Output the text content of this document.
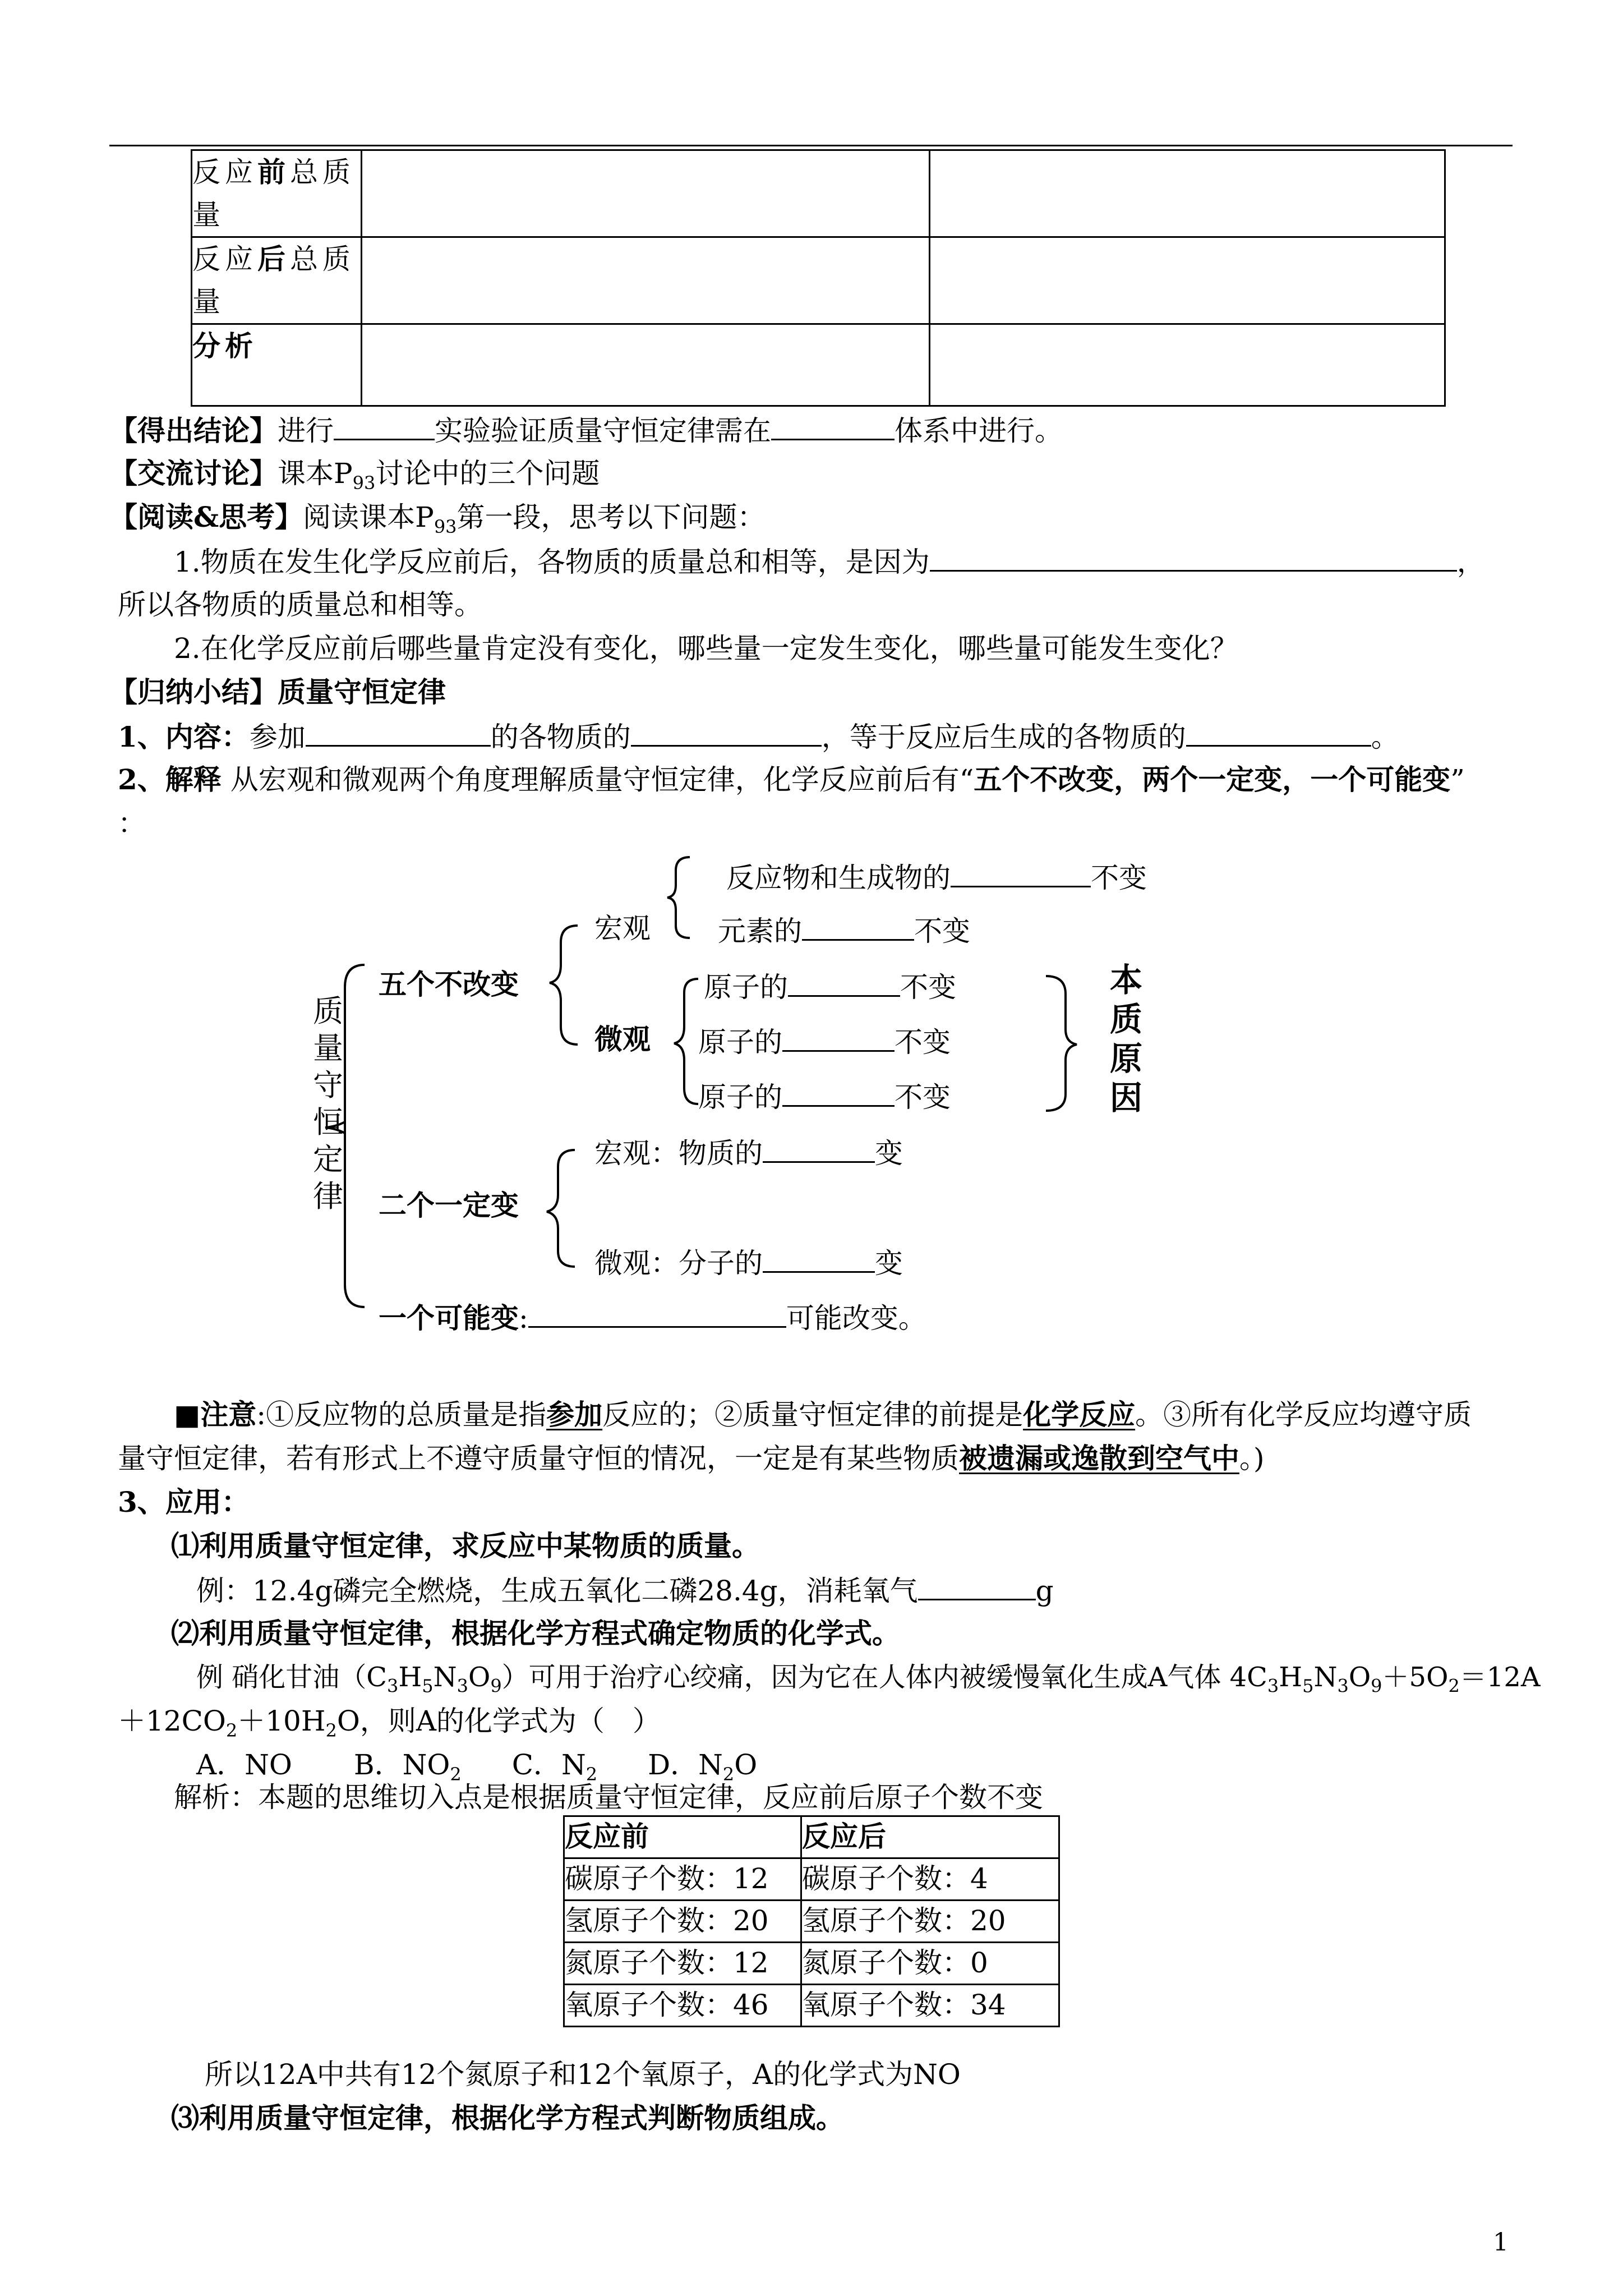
反应前总质量		
反应后总质量		
分析		
【得出结论】进行	实验验证质量守恒定律需在	体系中进行。
【交流讨论】课本$P_{93}$讨论中的三个问题
【阅读&思考】阅读课本$P_{93}$第一段，思考以下问题：
1.物质在发生化学反应前后，各物质的质量总和相等，是因为	，
所以各物质的质量总和相等。
2.在化学反应前后哪些量肯定没有变化，哪些量一定发生变化，哪些量可能发生变化？
【归纳小结】质量守恒定律
1、内容：参加	的各物质的	，等于反应后生成的各物质的	。
2、解释 从宏观和微观两个角度理解质量守恒定律，化学反应前后有“五个不改变，两个一定变，一个可能变”
：
质量守恒定律
反应物和生成物的	不变
宏观 元素的	不变
五个不改变	原子的	不变
微观 原子的	不变
原子的	不变
本质原因
宏观：物质的	变
二个一定变
微观：分子的	变
一个可能变:	可能改变。
■注意:①反应物的总质量是指参加反应的；②质量守恒定律的前提是化学反应。③所有化学反应均遵守质
量守恒定律，若有形式上不遵守质量守恒的情况，一定是有某些物质被遗漏或逸散到空气中。)
3、应用：
⑴利用质量守恒定律，求反应中某物质的质量。
例：12.4g磷完全燃烧，生成五氧化二磷28.4g，消耗氧气	g
⑵利用质量守恒定律，根据化学方程式确定物质的化学式。
例 硝化甘油$(C_3H_5N_3O_9)$可用于治疗心绞痛，因为它在人体内被缓慢氧化生成A气体 $4C_3H_5N_3O_9+5O_2=12A$
$+12CO_2+10H_2O$，则A的化学式为（　）
A．NO B．$NO_2$ C．$N_2$ D．$N_2O$
解析：本题的思维切入点是根据质量守恒定律，反应前后原子个数不变
反应前	反应后
碳原子个数：12	碳原子个数：4
氢原子个数：20	氢原子个数：20
氮原子个数：12	氮原子个数：0
氧原子个数：46	氧原子个数：34
所以12A中共有12个氮原子和12个氧原子，A的化学式为NO
⑶利用质量守恒定律，根据化学方程式判断物质组成。
1
